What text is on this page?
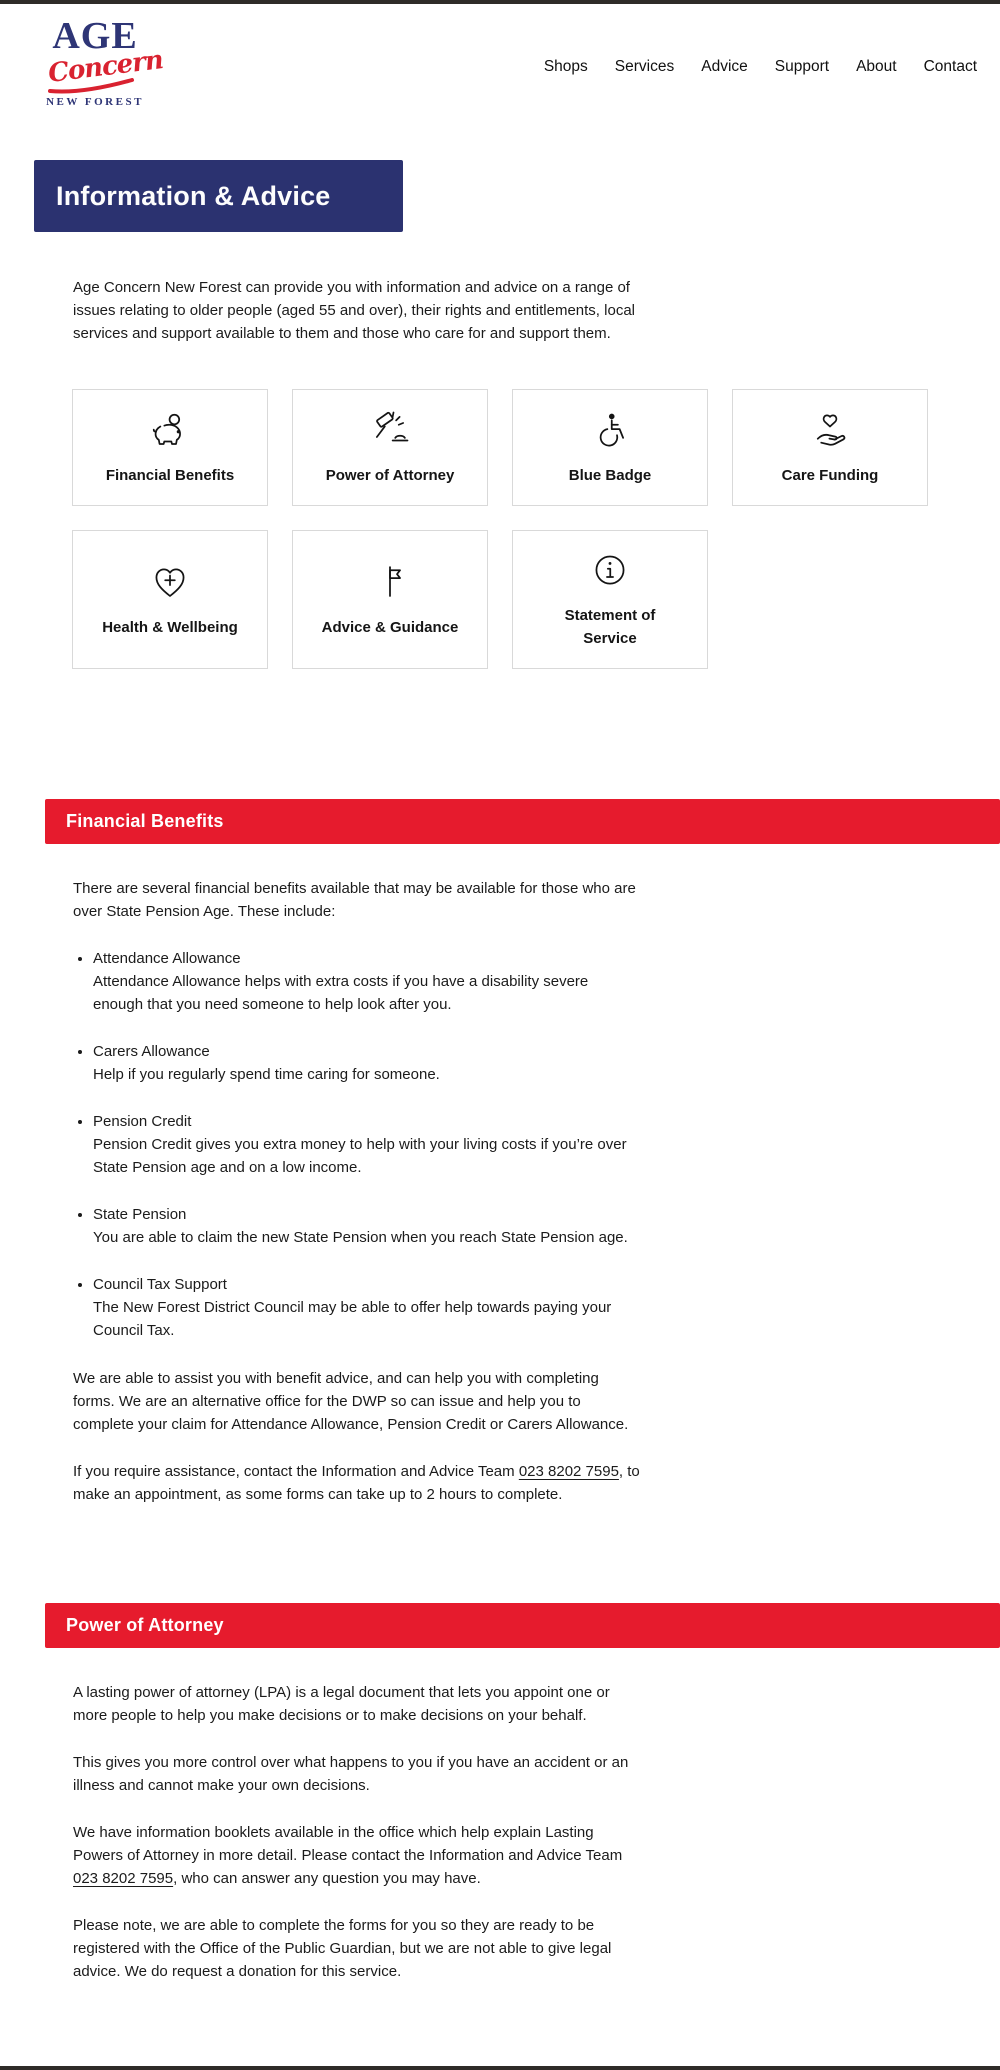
AGE
Concern
NEW FOREST
Shops Services Advice Support About Contact
Information & Advice

Age Concern New Forest can provide you with information and advice on a range of issues relating to older people (aged 55 and over), their rights and entitlements, local services and support available to them and those who care for and support them.

Financial Benefits	Power of Attorney	Blue Badge	Care Funding
Health & Wellbeing	Advice & Guidance
Statement of Service
Financial Benefits

There are several financial benefits available that may be available for those who are over State Pension Age. These include:

• Attendance Allowance
Attendance Allowance helps with extra costs if you have a disability severe enough that you need someone to help look after you.
• Carers Allowance
Help if you regularly spend time caring for someone.
• Pension Credit
Pension Credit gives you extra money to help with your living costs if you’re over State Pension age and on a low income.
• State Pension
You are able to claim the new State Pension when you reach State Pension age.
• Council Tax Support
The New Forest District Council may be able to offer help towards paying your Council Tax.

We are able to assist you with benefit advice, and can help you with completing forms. We are an alternative office for the DWP so can issue and help you to complete your claim for Attendance Allowance, Pension Credit or Carers Allowance.

If you require assistance, contact the Information and Advice Team 023 8202 7595, to make an appointment, as some forms can take up to 2 hours to complete.

Power of Attorney

A lasting power of attorney (LPA) is a legal document that lets you appoint one or more people to help you make decisions or to make decisions on your behalf.

This gives you more control over what happens to you if you have an accident or an illness and cannot make your own decisions.

We have information booklets available in the office which help explain Lasting Powers of Attorney in more detail. Please contact the Information and Advice Team 023 8202 7595, who can answer any question you may have.

Please note, we are able to complete the forms for you so they are ready to be registered with the Office of the Public Guardian, but we are not able to give legal advice. We do request a donation for this service.
